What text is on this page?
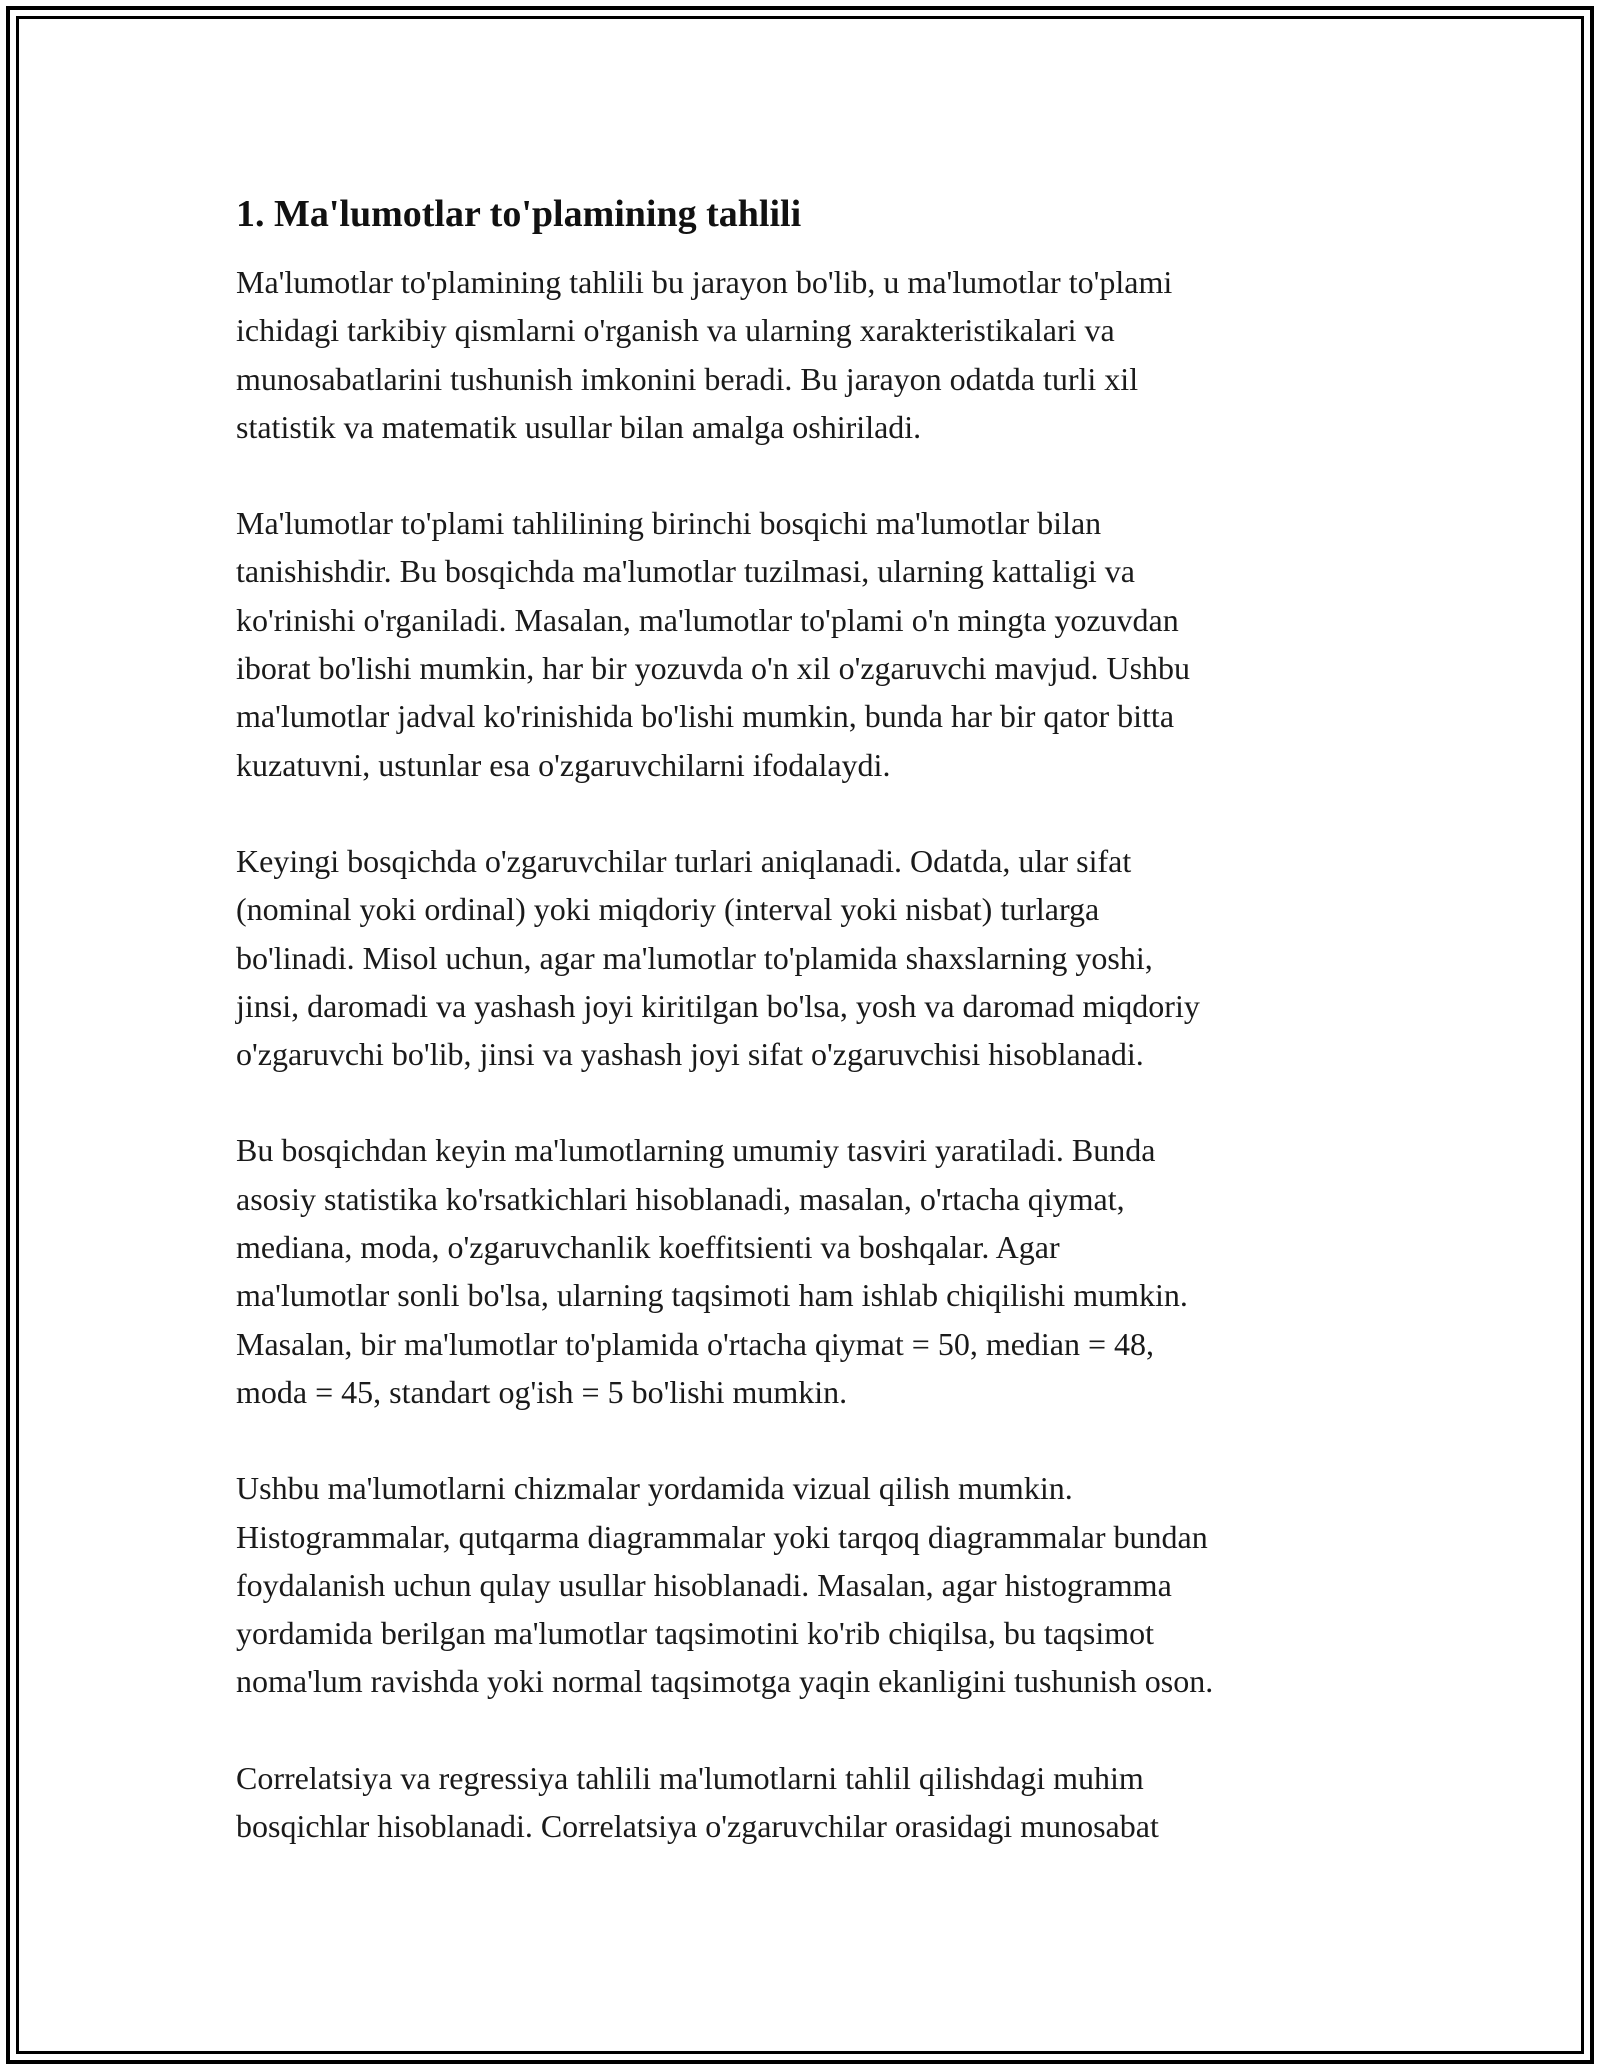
1. Ma'lumotlar to'plamining tahlili

Ma'lumotlar to'plamining tahlili bu jarayon bo'lib, u ma'lumotlar to'plami
ichidagi tarkibiy qismlarni o'rganish va ularning xarakteristikalari va
munosabatlarini tushunish imkonini beradi. Bu jarayon odatda turli xil
statistik va matematik usullar bilan amalga oshiriladi.

Ma'lumotlar to'plami tahlilining birinchi bosqichi ma'lumotlar bilan
tanishishdir. Bu bosqichda ma'lumotlar tuzilmasi, ularning kattaligi va
ko'rinishi o'rganiladi. Masalan, ma'lumotlar to'plami o'n mingta yozuvdan
iborat bo'lishi mumkin, har bir yozuvda o'n xil o'zgaruvchi mavjud. Ushbu
ma'lumotlar jadval ko'rinishida bo'lishi mumkin, bunda har bir qator bitta
kuzatuvni, ustunlar esa o'zgaruvchilarni ifodalaydi.

Keyingi bosqichda o'zgaruvchilar turlari aniqlanadi. Odatda, ular sifat
(nominal yoki ordinal) yoki miqdoriy (interval yoki nisbat) turlarga
bo'linadi. Misol uchun, agar ma'lumotlar to'plamida shaxslarning yoshi,
jinsi, daromadi va yashash joyi kiritilgan bo'lsa, yosh va daromad miqdoriy
o'zgaruvchi bo'lib, jinsi va yashash joyi sifat o'zgaruvchisi hisoblanadi.

Bu bosqichdan keyin ma'lumotlarning umumiy tasviri yaratiladi. Bunda
asosiy statistika ko'rsatkichlari hisoblanadi, masalan, o'rtacha qiymat,
mediana, moda, o'zgaruvchanlik koeffitsienti va boshqalar. Agar
ma'lumotlar sonli bo'lsa, ularning taqsimoti ham ishlab chiqilishi mumkin.
Masalan, bir ma'lumotlar to'plamida o'rtacha qiymat = 50, median = 48,
moda = 45, standart og'ish = 5 bo'lishi mumkin.

Ushbu ma'lumotlarni chizmalar yordamida vizual qilish mumkin.
Histogrammalar, qutqarma diagrammalar yoki tarqoq diagrammalar bundan
foydalanish uchun qulay usullar hisoblanadi. Masalan, agar histogramma
yordamida berilgan ma'lumotlar taqsimotini ko'rib chiqilsa, bu taqsimot
noma'lum ravishda yoki normal taqsimotga yaqin ekanligini tushunish oson.

Correlatsiya va regressiya tahlili ma'lumotlarni tahlil qilishdagi muhim
bosqichlar hisoblanadi. Correlatsiya o'zgaruvchilar orasidagi munosabat
